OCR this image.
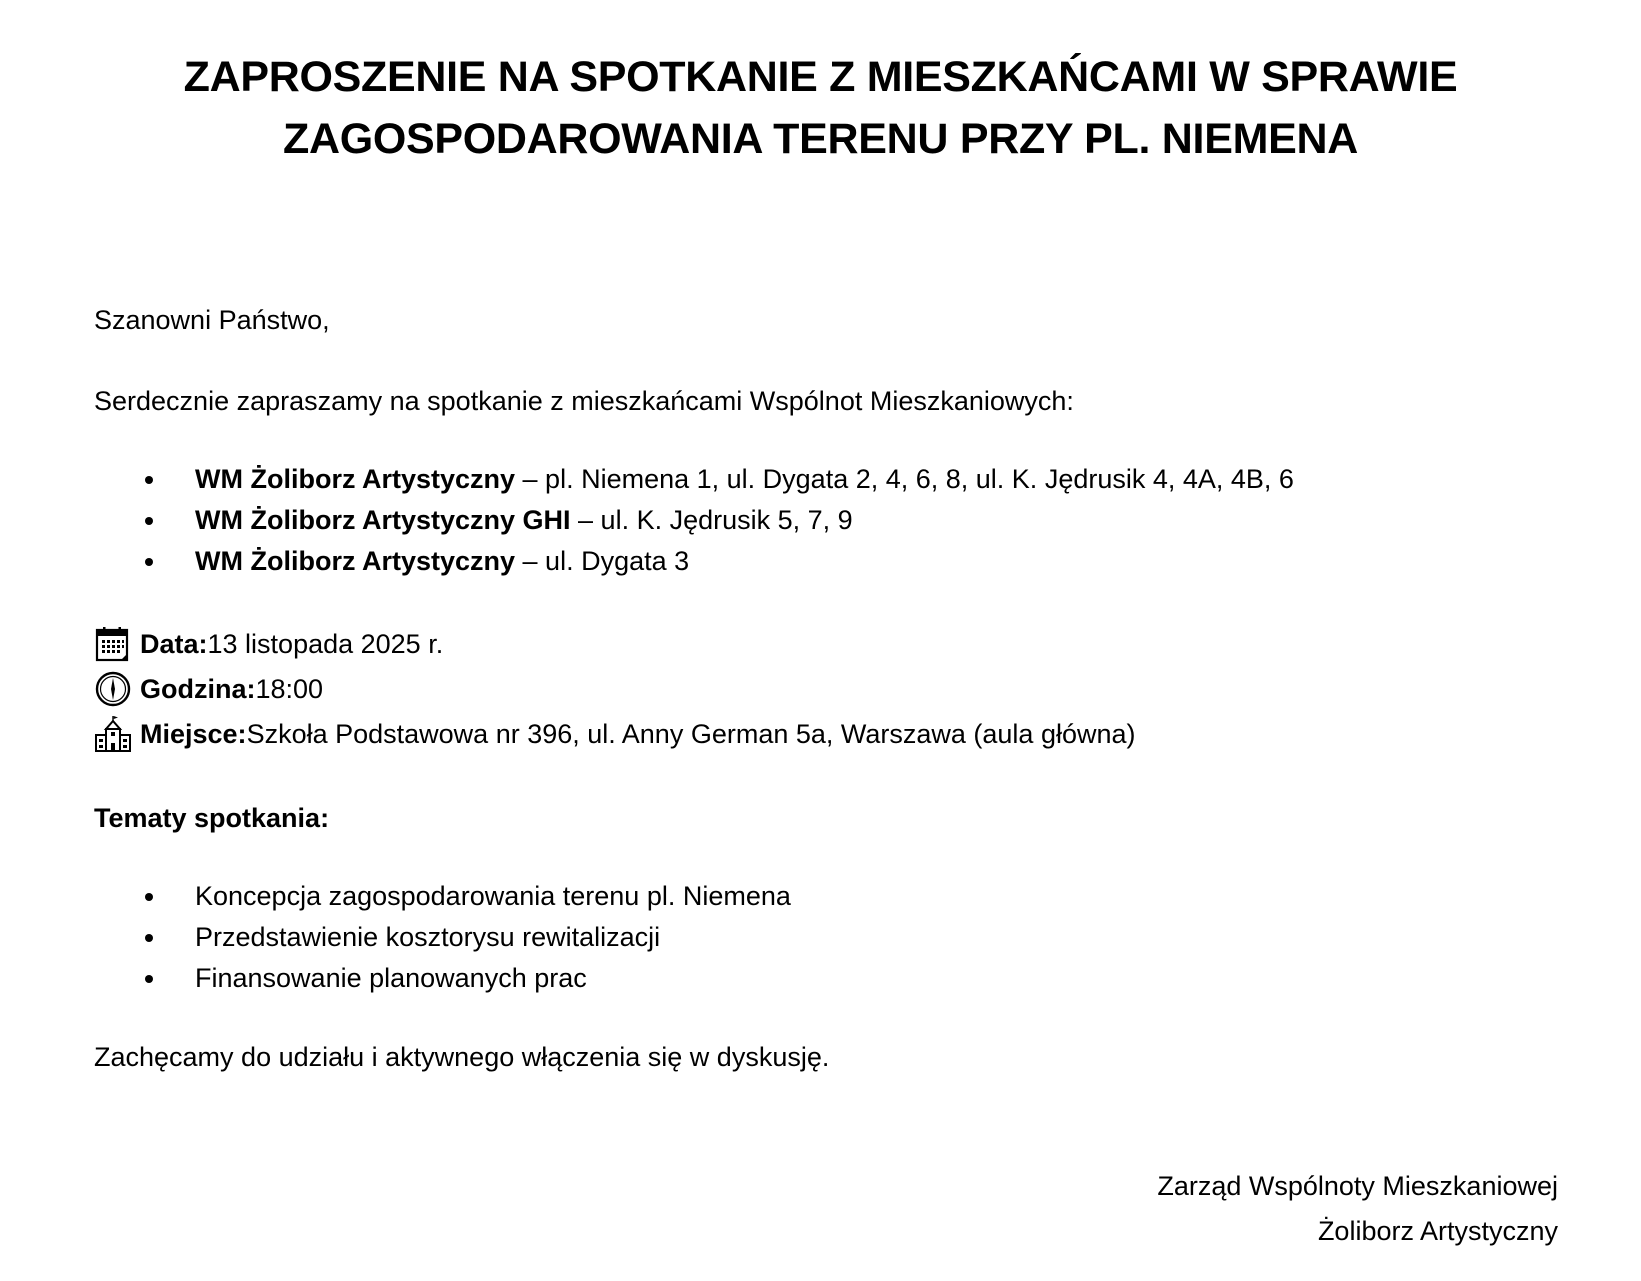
ZAPROSZENIE NA SPOTKANIE Z MIESZKAŃCAMI W SPRAWIE
ZAGOSPODAROWANIA TERENU PRZY PL. NIEMENA
Szanowni Państwo,
Serdecznie zapraszamy na spotkanie z mieszkańcami Wspólnot Mieszkaniowych:
WM Żoliborz Artystyczny – pl. Niemena 1, ul. Dygata 2, 4, 6, 8, ul. K. Jędrusik 4, 4A, 4B, 6
WM Żoliborz Artystyczny GHI – ul. K. Jędrusik 5, 7, 9
WM Żoliborz Artystyczny – ul. Dygata 3
Data: 13 listopada 2025 r.
Godzina: 18:00
Miejsce: Szkoła Podstawowa nr 396, ul. Anny German 5a, Warszawa (aula główna)
Tematy spotkania:
Koncepcja zagospodarowania terenu pl. Niemena
Przedstawienie kosztorysu rewitalizacji
Finansowanie planowanych prac
Zachęcamy do udziału i aktywnego włączenia się w dyskusję.
Zarząd Wspólnoty Mieszkaniowej
Żoliborz Artystyczny
